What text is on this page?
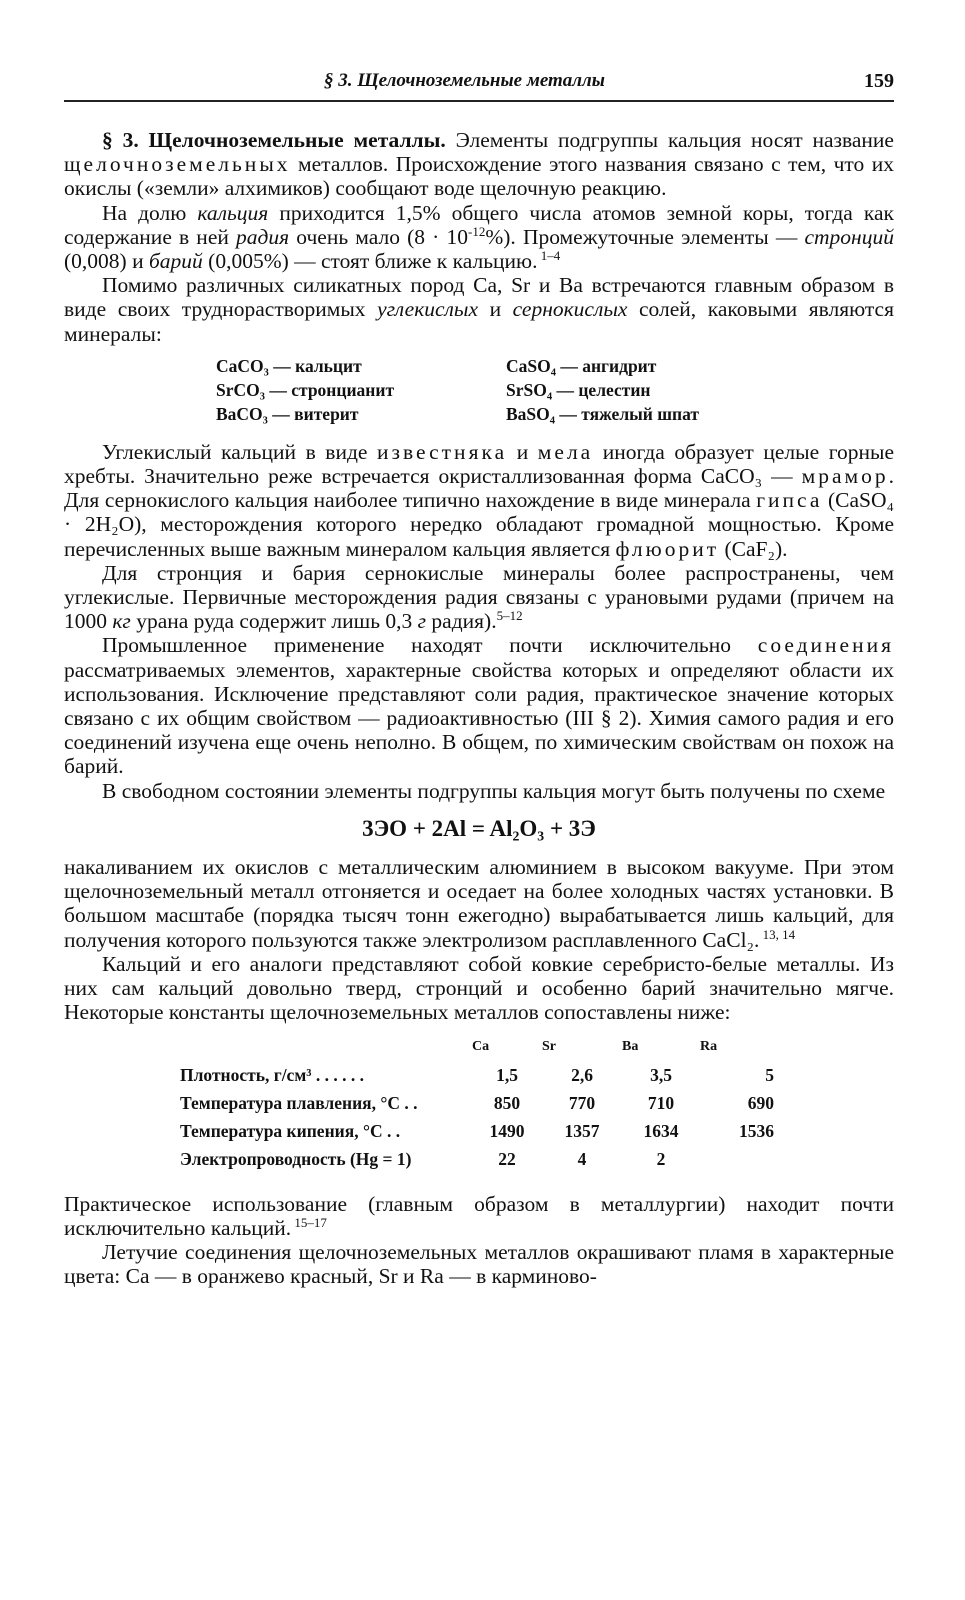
§ 3. Щелочноземельные металлы	159

§ 3. Щелочноземельные металлы. Элементы подгруппы кальция носят название щелочноземельных металлов. Происхождение этого названия связано с тем, что их окислы («земли» алхимиков) сообщают воде щелочную реакцию.

На долю кальция приходится 1,5% общего числа атомов земной коры, тогда как содержание в ней радия очень мало $(8 \cdot 10^{-12}\%)$. Промежуточные элементы — стронций (0,008) и барий (0,005%) — стоят ближе к кальцию. $^{1-4}$

Помимо различных силикатных пород Ca, Sr и Ba встречаются главным образом в виде своих труднорастворимых углекислых и сернокислых солей, каковыми являются минералы:

CaCO₃ — кальцит	CaSO₄ — ангидрит
SrCO₃ — стронцианит	SrSO₄ — целестин
BaCO₃ — витерит	BaSO₄ — тяжелый шпат

Углекислый кальций в виде известняка и мела иногда образует целые горные хребты. Значительно реже встречается окристаллизованная форма CaCO₃ — мрамор. Для сернокислого кальция наиболее типично нахождение в виде минерала гипса (CaSO₄ · 2H₂O), месторождения которого нередко обладают громадной мощностью. Кроме перечисленных выше важным минералом кальция является флюорит (CaF₂).

Для стронция и бария сернокислые минералы более распространены, чем углекислые. Первичные месторождения радия связаны с урановыми рудами (причем на 1000 кг урана руда содержит лишь 0,3 г радия).$^{5-12}$

Промышленное применение находят почти исключительно соединения рассматриваемых элементов, характерные свойства которых и определяют области их использования. Исключение представляют соли радия, практическое значение которых связано с их общим свойством — радиоактивностью (III § 2). Химия самого радия и его соединений изучена еще очень неполно. В общем, по химическим свойствам он похож на барий.

В свободном состоянии элементы подгруппы кальция могут быть получены по схеме

3ЭO + 2Al = Al₂O₃ + 3Э

накаливанием их окислов с металлическим алюминием в высоком вакууме. При этом щелочноземельный металл отгоняется и оседает на более холодных частях установки. В большом масштабе (порядка тысяч тонн ежегодно) вырабатывается лишь кальций, для получения которого пользуются также электролизом расплавленного CaCl₂. $^{13, 14}$

Кальций и его аналоги представляют собой ковкие серебристо-белые металлы. Из них сам кальций довольно тверд, стронций и особенно барий значительно мягче. Некоторые константы щелочноземельных металлов сопоставлены ниже:

	Ca	Sr	Ba	Ra
Плотность, г/см³ . . . . . .	1,5	2,6	3,5	5
Температура плавления, °C . .	850	770	710	690
Температура кипения, °C . .	1490	1357	1634	1536
Электропроводность (Hg = 1)	22	4	2	

Практическое использование (главным образом в металлургии) находит почти исключительно кальций. $^{15-17}$

Летучие соединения щелочноземельных металлов окрашивают пламя в характерные цвета: Ca — в оранжево красный, Sr и Ra — в карминово-
